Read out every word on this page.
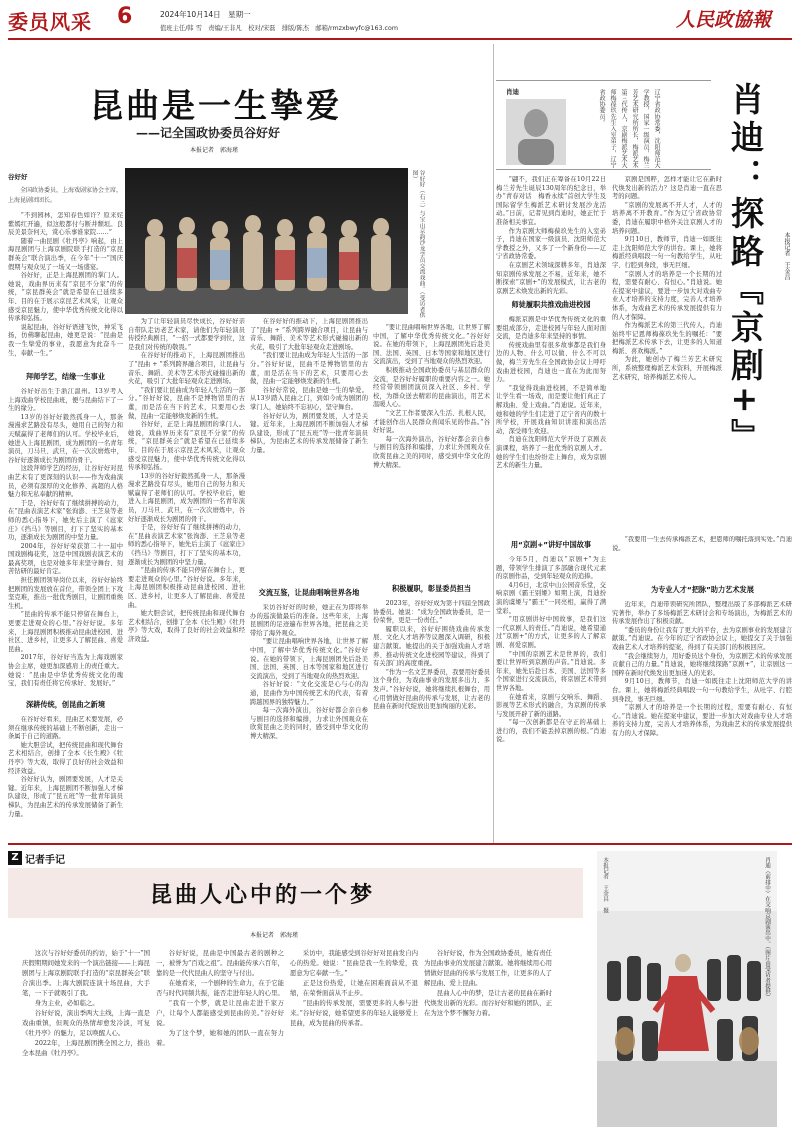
委员风采 6	2024年10月14日　星期一
值班主任/韩 雪　责编/王非凡　校对/宋磊　排版/陈杰　邮箱/rmzxbwyfc@163.com	人民政協報
昆曲是一生挚爱
——记全国政协委员谷好好
本报记者　郭海瑾
谷好好
全国政协委员，上海戏剧家协会主席，上海昆剧团团长。	谷好好（右三）与宝山京韵沙龙学员交流戏曲。（受访者供图）

“不到园林，怎知春色如许？原来姹紫嫣红开遍，似这般都付与断井颓垣。良辰美景奈何天，赏心乐事谁家院……”

随着一曲昆剧《牡丹亭》响起，由上海昆剧团与上海京剧院联手打造的“京昆群英会”联合演出季，在今年“十一”国庆假期与观众见了一场又一场盛宴。

谷好好，正是上海昆剧团的掌门人。她说，戏曲界历来有“京昆不分家”的传统，“京昆群英会”就是希望在已延续多年、目的在于展示京昆艺术风采，让观众感受京昆魅力，使中华优秀传统文化得以传承和弘扬。

说起昆曲，谷好好语速飞快，神采飞扬，仿佛聊起昆曲，她更是说：“昆曲是我一生挚爱的事业，我愿意为此奋斗一生，奉献一生。”

拜师学艺，结缘一生事业

谷好好出生于浙江温州。13岁考入上海戏曲学校昆曲班，便与昆曲结下了一生的缘分。

13岁的谷好好毅然孤身一人，那条漫漫求艺路没有尽头，她用自己的努力和天赋赢得了老师们的认可。学校毕业后，她进入上海昆剧团，成为剧团的一名青年演员，刀马旦、武旦，在一次次磨炼中，谷好好逐渐成长为剧团的骨干。

这段拜师学艺的经历，让谷好好对昆曲艺术有了更深刻的认识——作为戏曲演员，必须有深厚的文化修养、高超的人格魅力和无私奉献的精神。

于是，谷好好有了继续拼搏的动力，在“昆曲表演艺术家”张洵澎、王芝泉等老师的悉心指导下，她先后主演了《扈家庄》《挡马》等剧目，打下了坚实的基本功，逐渐成长为剧团的中坚力量。

2004年，谷好好荣获第二十一届中国戏剧梅花奖，这是中国戏剧表演艺术的最高奖项，也是对她多年来坚守舞台、刻苦钻研的最好肯定。

担任剧团领导岗位以来，谷好好始终把剧团的发展放在首位，带领全团上下攻坚克难，推出一批优秀剧目，让剧团重焕生机。

“昆曲的传承不能只停留在舞台上，更要走进观众的心里。”谷好好说。多年来，上海昆剧团积极推动昆曲进校园、进社区、进乡村，让更多人了解昆曲、喜爱昆曲。

2017年，谷好好当选为上海戏剧家协会主席，她更加深感肩上的责任重大。她说：“昆曲是中华优秀传统文化的瑰宝，我们有责任将它传承好、发展好。”

深耕传统，创昆曲之新境

在谷好好看来，昆曲艺术要发展，必须在继承传统的基础上不断创新，走出一条属于自己的道路。

她大胆尝试，把传统昆曲和现代舞台艺术相结合，创排了全本《长生殿》《牡丹亭》等大戏，取得了良好的社会效益和经济效益。

谷好好认为，剧团要发展，人才是关键。近年来，上海昆剧团不断加强人才梯队建设，形成了“昆五班”等一批青年演员梯队，为昆曲艺术的传承发展储备了新生力量。

为了让年轻演员尽快成长，谷好好亲自带队走访老艺术家，请他们为年轻演员传授经典剧目，“一招一式都要学到位，这是我们对传统的敬畏。”

在谷好好的推动下，上海昆剧团推出了“昆曲 + ”系列跨界融合项目，让昆曲与音乐、舞蹈、美术等艺术形式碰撞出新的火花，吸引了大批年轻观众走进剧场。

“我们要让昆曲成为年轻人生活的一部分。”谷好好说，昆曲不是博物馆里的古董，而是活在当下的艺术，只要用心去做，昆曲一定能够焕发新的生机。

谷好好，正是上海昆剧团的掌门人。她说，戏曲界历来有“京昆不分家”的传统，“京昆群英会”就是希望在已延续多年、目的在于展示京昆艺术风采，让观众感受京昆魅力，使中华优秀传统文化得以传承和弘扬。

13岁的谷好好毅然孤身一人，那条漫漫求艺路没有尽头，她用自己的努力和天赋赢得了老师们的认可。学校毕业后，她进入上海昆剧团，成为剧团的一名青年演员，刀马旦、武旦，在一次次磨炼中，谷好好逐渐成长为剧团的骨干。

于是，谷好好有了继续拼搏的动力，在“昆曲表演艺术家”张洵澎、王芝泉等老师的悉心指导下，她先后主演了《扈家庄》《挡马》等剧目，打下了坚实的基本功，逐渐成长为剧团的中坚力量。

“昆曲的传承不能只停留在舞台上，更要走进观众的心里。”谷好好说。多年来，上海昆剧团积极推动昆曲进校园、进社区、进乡村，让更多人了解昆曲、喜爱昆曲。

她大胆尝试，把传统昆曲和现代舞台艺术相结合，创排了全本《长生殿》《牡丹亭》等大戏，取得了良好的社会效益和经济效益。

在谷好好的推动下，上海昆剧团推出了“昆曲 + ”系列跨界融合项目，让昆曲与音乐、舞蹈、美术等艺术形式碰撞出新的火花，吸引了大批年轻观众走进剧场。

“我们要让昆曲成为年轻人生活的一部分。”谷好好说，昆曲不是博物馆里的古董，而是活在当下的艺术，只要用心去做，昆曲一定能够焕发新的生机。

谷好好常说，昆曲是她一生的挚爱。从13岁踏入昆曲之门，到如今成为剧团的掌门人，她始终不忘初心，坚守舞台。

谷好好认为，剧团要发展，人才是关键。近年来，上海昆剧团不断加强人才梯队建设，形成了“昆五班”等一批青年演员梯队，为昆曲艺术的传承发展储备了新生力量。

交流互鉴，让昆曲唱响世界各地

采访谷好好的时候，她正在为即将举办的巡演做最后的准备。这些年来，上海昆剧团的足迹遍布世界各地，把昆曲之美带给了海外观众。

“要让昆曲唱响世界各地，让世界了解中国，了解中华优秀传统文化。”谷好好说。在她的带领下，上海昆剧团先后赴美国、法国、英国、日本等国家和地区进行交流演出，受到了当地观众的热烈欢迎。

谷好好说：“文化交流是心与心的沟通，昆曲作为中国传统艺术的代表，有着跨越国界的独特魅力。”

每一次海外演出，谷好好都会亲自参与剧目的选择和编排，力求让外国观众在欣赏昆曲之美的同时，感受到中华文化的博大精深。

“要让昆曲唱响世界各地，让世界了解中国，了解中华优秀传统文化。”谷好好说。在她的带领下，上海昆剧团先后赴美国、法国、英国、日本等国家和地区进行交流演出，受到了当地观众的热烈欢迎。

积极推动全国政协委员与基层群众的交流，是谷好好履职的重要内容之一。她经常带领剧团演员深入社区、乡村、学校，为群众送去精彩的昆曲演出，用艺术温暖人心。

“文艺工作者要深入生活、扎根人民，才能创作出人民群众喜闻乐见的作品。”谷好好说。

每一次海外演出，谷好好都会亲自参与剧目的选择和编排，力求让外国观众在欣赏昆曲之美的同时，感受到中华文化的博大精深。

积极履职，彰显委员担当

2023年，谷好好成为第十四届全国政协委员。她说：“成为全国政协委员，是一份荣誉，更是一份责任。”

履职以来，谷好好围绕戏曲传承发展、文化人才培养等议题深入调研，积极建言献策。她提出的关于加强戏曲人才培养、推动传统文化进校园等建议，得到了有关部门的高度重视。

“作为一名文艺界委员，我要用好委员这个身份，为戏曲事业的发展多出力、多发声。”谷好好说，她将继续扎根舞台，用心用情做好昆曲的传承与发展，让古老的昆曲在新时代绽放出更加绚丽的光彩。

肖迪	辽宁省政协常委，沈阳师范大学教授，国家一级演员，梅兰芳艺术研究所所长，梅派艺术第三代传人，京剧梅派艺术大师梅葆玖先生入室弟子，辽宁省政协委员。	肖迪：探路『京剧+』	本报记者　王金昌

“翩不，我们正在筹备在10月22日梅兰芳先生诞辰130周年的纪念日，举办“青春对话　梅香永续”首创大学生及国际留学生梅派艺术研讨发展沙龙活动。”日前，记者见到肖迪时，她正忙于准备相关事宜。

作为京剧大师梅葆玖先生的入室弟子，肖迪在国家一级演员、沈阳师范大学教授之外，又多了一个新身份——辽宁省政协常委。

在京剧艺术领域深耕多年，肖迪深知京剧传承发展之不易，近年来，她不断探索“京剧+”的发展模式，让古老的京剧艺术焕发出新的光彩。

师徒履职共推戏曲进校园

梅派京剧是中华优秀传统文化的重要组成部分，走进校园与年轻人面对面交流，是肖迪多年来坚持的事情。

传统戏曲里有很多故事都是我们身边的人物、什么可以做、什么不可以做，梅兰芳先生在全国政协会议上呼吁戏曲进校园，肖迪也一直在为此而努力。

“我觉得戏曲进校园，不是简单地让学生看一场戏，而是要让他们真正了解戏曲、爱上戏曲。”肖迪说。近年来，她和她的学生们走进了辽宁省内的数十所学校，开展戏曲知识讲座和演出活动，深受师生欢迎。

肖迪在沈阳师范大学开设了京剧表演课程，培养了一批优秀的京剧人才。她的学生们也纷纷走上舞台，成为京剧艺术的新生力量。

用“京剧+”讲好中国故事

今年5月，肖迪以“京剧+”为主题，带领学生排演了多部融合现代元素的京剧作品，受到年轻观众的追捧。

4月6日，北京中山公园音乐堂，交响京剧《霸王别姬》如期上演，肖迪扮演的虞姬与“霸王”一同亮相，赢得了满堂彩。

“用京剧讲好中国故事，是我们这一代京剧人的责任。”肖迪说，她希望通过“京剧+”的方式，让更多的人了解京剧、喜爱京剧。

“中国的京剧艺术是世界的，我们要让世界听到京剧的声音。”肖迪说。多年来，她先后赴日本、美国、法国等多个国家进行交流演出，将京剧艺术带到世界各地。

在她看来，京剧与交响乐、舞蹈、影视等艺术形式的融合，为京剧的传承与发展开辟了新的道路。

“每一次创新都是在守正的基础上进行的，我们不能丢掉京剧的根。”肖迪说。

京剧是国粹，怎样才能让它在新时代焕发出新的活力？这是肖迪一直在思考的问题。

“京剧的发展离不开人才，人才的培养离不开教育。”作为辽宁省政协常委，肖迪在履职中格外关注京剧人才的培养问题。

9月10日，教师节，肖迪一如既往走上沈阳师范大学的讲台。课上，她将梅派经典唱段一句一句教给学生，从吐字、行腔到身段，事无巨细。

“京剧人才的培养是一个长期的过程，需要有耐心、有恒心。”肖迪说。她在提案中建议，要进一步加大对戏曲专业人才培养的支持力度，完善人才培养体系，为戏曲艺术的传承发展提供有力的人才保障。

作为梅派艺术的第三代传人，肖迪始终牢记恩师梅葆玖先生的嘱托：“要把梅派艺术传承下去，让更多的人知道梅派、喜欢梅派。”

为此，她创办了梅兰芳艺术研究所，系统整理梅派艺术资料，开展梅派艺术研究，培养梅派艺术传人。

“我要用一生去传承梅派艺术，把恩师的嘱托落到实处。”肖迪说。

为专业人才“把脉”助力艺术发展

近年来，肖迪带领研究所团队，整理出版了多部梅派艺术研究著作，举办了多场梅派艺术研讨会和专场演出，为梅派艺术的传承发展作出了积极贡献。

“委员的身份让我有了更大的平台，去为京剧事业的发展建言献策。”肖迪说。在今年的辽宁省政协会议上，她提交了关于加强戏曲艺术人才培养的提案，得到了有关部门的积极回应。

“我会继续努力，用好委员这个身份，为京剧艺术的传承发展贡献自己的力量。”肖迪说，她将继续探路“京剧+”，让京剧这一国粹在新时代焕发出更加迷人的光彩。

9月10日，教师节，肖迪一如既往走上沈阳师范大学的讲台。课上，她将梅派经典唱段一句一句教给学生，从吐字、行腔到身段，事无巨细。

“京剧人才的培养是一个长期的过程，需要有耐心、有恒心。”肖迪说。她在提案中建议，要进一步加大对戏曲专业人才培养的支持力度，完善人才培养体系，为戏曲艺术的传承发展提供有力的人才保障。

Z 记者手记
昆曲人心中的一个梦
本报记者　郭海瑾

这次与谷好好委员的约访，始于“十一”国庆假期期间她发来的一个演出链接——上海昆剧团与上海京剧院联手打造的“京昆群英会”联合演出季。上海大剧院连演十场昆曲，大手笔，一下子就吸引了我。

身为主业，必如临之。

谷好好说，演出季两大主线，上海一直是戏曲重镇，但观众的热情却愈发冷淡，可复《牡丹亭》的魅力，足以唤醒人心。

2022年，上海昆剧团携全国之力，推出全本昆曲《牡丹亭》。

谷好好说，昆曲是中国最古老的剧种之一，被誉为“百戏之祖”。昆曲能传承六百年，靠的是一代代昆曲人的坚守与付出。

在她看来，一个剧种的生命力，在于它能否与时代同频共振，能否走进年轻人的心里。

“我有一个梦，就是让昆曲走进千家万户，让每个人都能感受到昆曲的美。”谷好好说。

为了这个梦，她和她的团队一直在努力着。

采访中，我能感受到谷好好对昆曲发自内心的热爱。她说：“昆曲是我一生的挚爱，我愿意为它奉献一生。”

正是这份热爱，让她在困难面前从不退缩，在荣誉面前从不止步。

“昆曲的传承发展，需要更多的人参与进来。”谷好好说，她希望更多的年轻人能够爱上昆曲，成为昆曲的传承者。

谷好好说，作为全国政协委员，她有责任为昆曲事业的发展建言献策。她将继续用心用情做好昆曲的传承与发展工作，让更多的人了解昆曲、爱上昆曲。

昆曲人心中的梦，是让古老的昆曲在新时代焕发出新的光彩。而谷好好和她的团队，正在为这个梦不懈努力着。

肖迪（前排中）在交响京剧演出中。（图片由受访者提供）
本报记者　王金昌　摄
